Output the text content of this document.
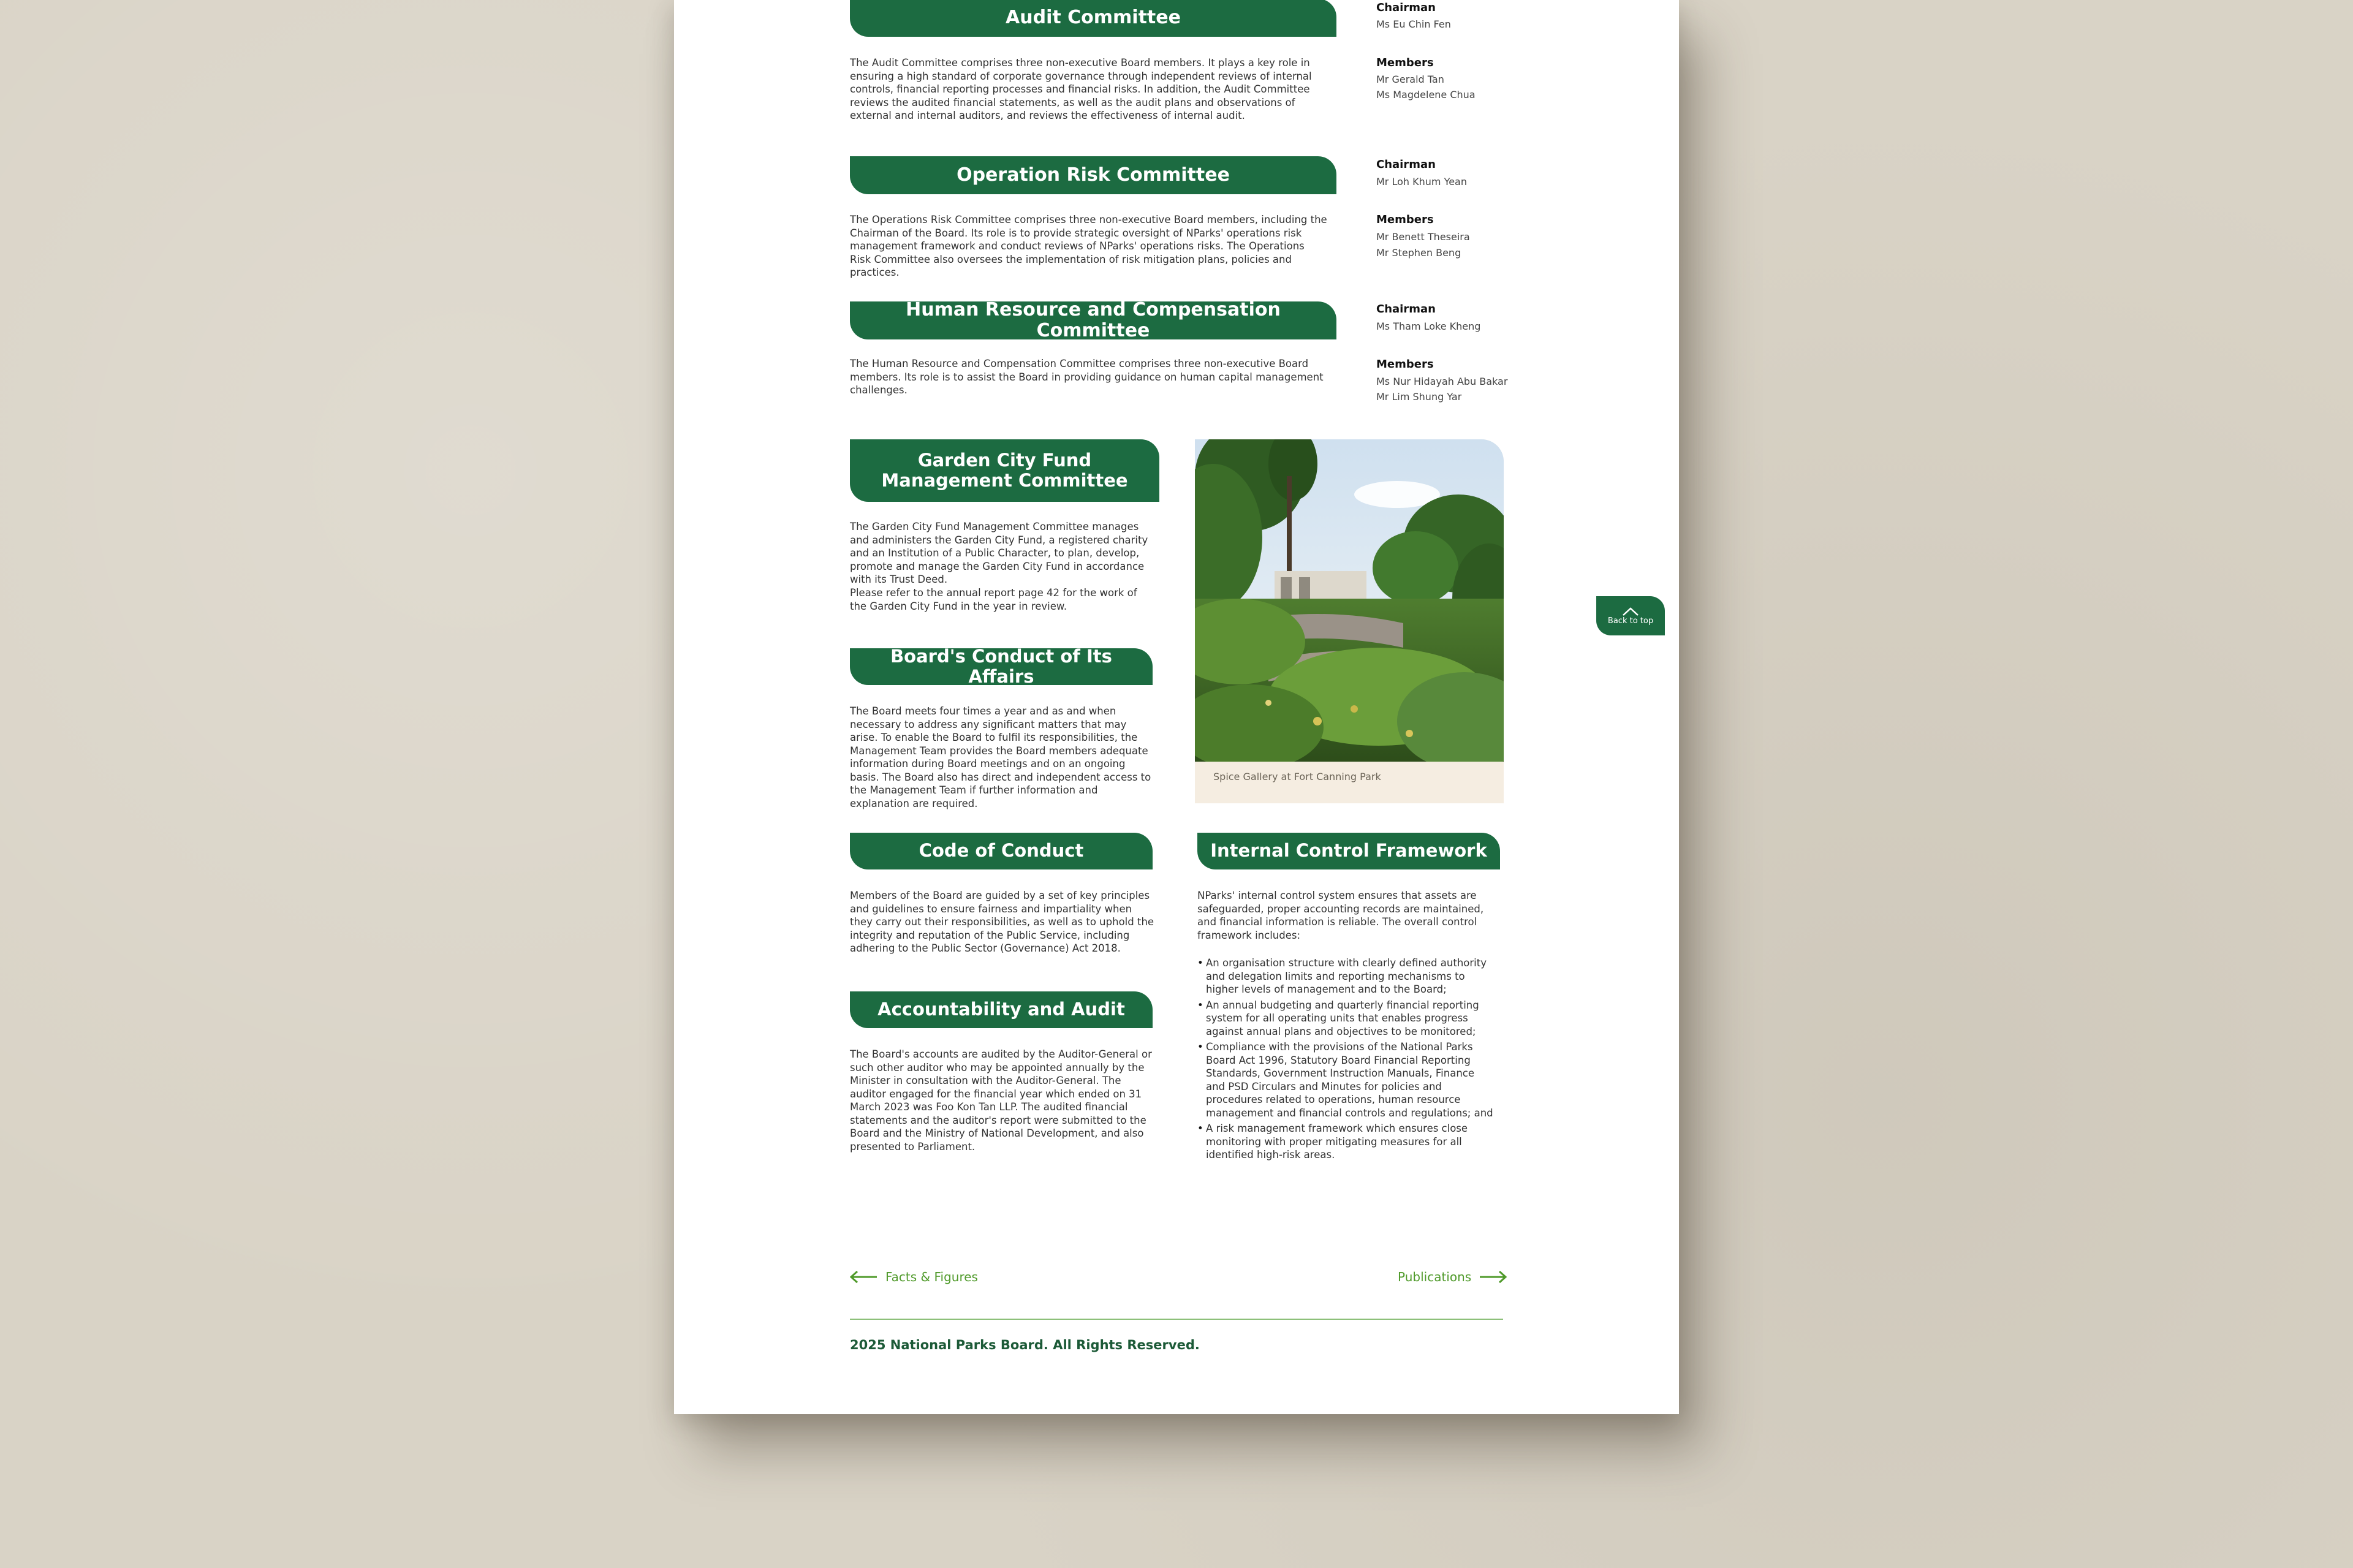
Audit Committee

The Audit Committee comprises three non-executive Board members. It plays a key role in ensuring a high standard of corporate governance through independent reviews of internal controls, financial reporting processes and financial risks. In addition, the Audit Committee reviews the audited financial statements, as well as the audit plans and observations of external and internal auditors, and reviews the effectiveness of internal audit.

Chairman
Ms Eu Chin Fen
Members
Mr Gerald Tan
Ms Magdelene Chua
Operation Risk Committee

The Operations Risk Committee comprises three non-executive Board members, including the Chairman of the Board. Its role is to provide strategic oversight of NParks' operations risk management framework and conduct reviews of NParks' operations risks. The Operations Risk Committee also oversees the implementation of risk mitigation plans, policies and practices.

Chairman
Mr Loh Khum Yean
Members
Mr Benett Theseira
Mr Stephen Beng
Human Resource and Compensation Committee

The Human Resource and Compensation Committee comprises three non-executive Board members. Its role is to assist the Board in providing guidance on human capital management challenges.

Chairman
Ms Tham Loke Kheng
Members
Ms Nur Hidayah Abu Bakar
Mr Lim Shung Yar
Garden City Fund
Management Committee

The Garden City Fund Management Committee manages and administers the Garden City Fund, a registered charity and an Institution of a Public Character, to plan, develop, promote and manage the Garden City Fund in accordance with its Trust Deed.

Please refer to the annual report page 42 for the work of the Garden City Fund in the year in review.

Board's Conduct of Its Affairs

The Board meets four times a year and as and when necessary to address any significant matters that may arise. To enable the Board to fulfil its responsibilities, the Management Team provides the Board members adequate information during Board meetings and on an ongoing basis. The Board also has direct and independent access to the Management Team if further information and explanation are required.

Spice Gallery at Fort Canning Park
Code of Conduct

Members of the Board are guided by a set of key principles and guidelines to ensure fairness and impartiality when they carry out their responsibilities, as well as to uphold the integrity and reputation of the Public Service, including adhering to the Public Sector (Governance) Act 2018.

Accountability and Audit

The Board's accounts are audited by the Auditor-General or such other auditor who may be appointed annually by the Minister in consultation with the Auditor-General. The auditor engaged for the financial year which ended on 31 March 2023 was Foo Kon Tan LLP. The audited financial statements and the auditor's report were submitted to the Board and the Ministry of National Development, and also presented to Parliament.

Internal Control Framework

NParks' internal control system ensures that assets are safeguarded, proper accounting records are maintained, and financial information is reliable. The overall control framework includes:

• An organisation structure with clearly defined authority and delegation limits and reporting mechanisms to higher levels of management and to the Board;
• An annual budgeting and quarterly financial reporting system for all operating units that enables progress against annual plans and objectives to be monitored;
• Compliance with the provisions of the National Parks Board Act 1996, Statutory Board Financial Reporting Standards, Government Instruction Manuals, Finance and PSD Circulars and Minutes for policies and procedures related to operations, human resource management and financial controls and regulations; and
• A risk management framework which ensures close monitoring with proper mitigating measures for all identified high-risk areas.
Facts & Figures	Publications
2025 National Parks Board. All Rights Reserved.
Back to top
